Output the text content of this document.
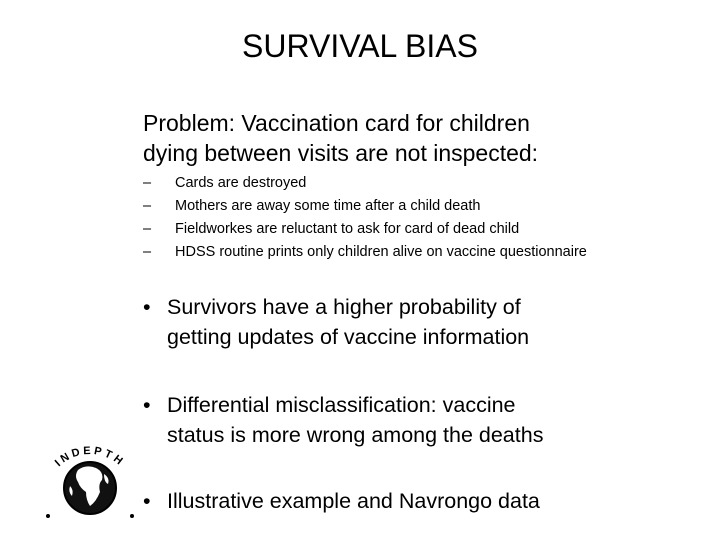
SURVIVAL BIAS
Problem: Vaccination card for children
dying between visits are not inspected:
– Cards are destroyed
– Mothers are away some time after a child death
– Fieldworkes are reluctant to ask for card of dead child
– HDSS routine prints only children alive on vaccine questionnaire
• Survivors have a higher probability of
getting updates of vaccine information
• Differential misclassification: vaccine
status is more wrong among the deaths
• Illustrative example and Navrongo data
INDEPTH
